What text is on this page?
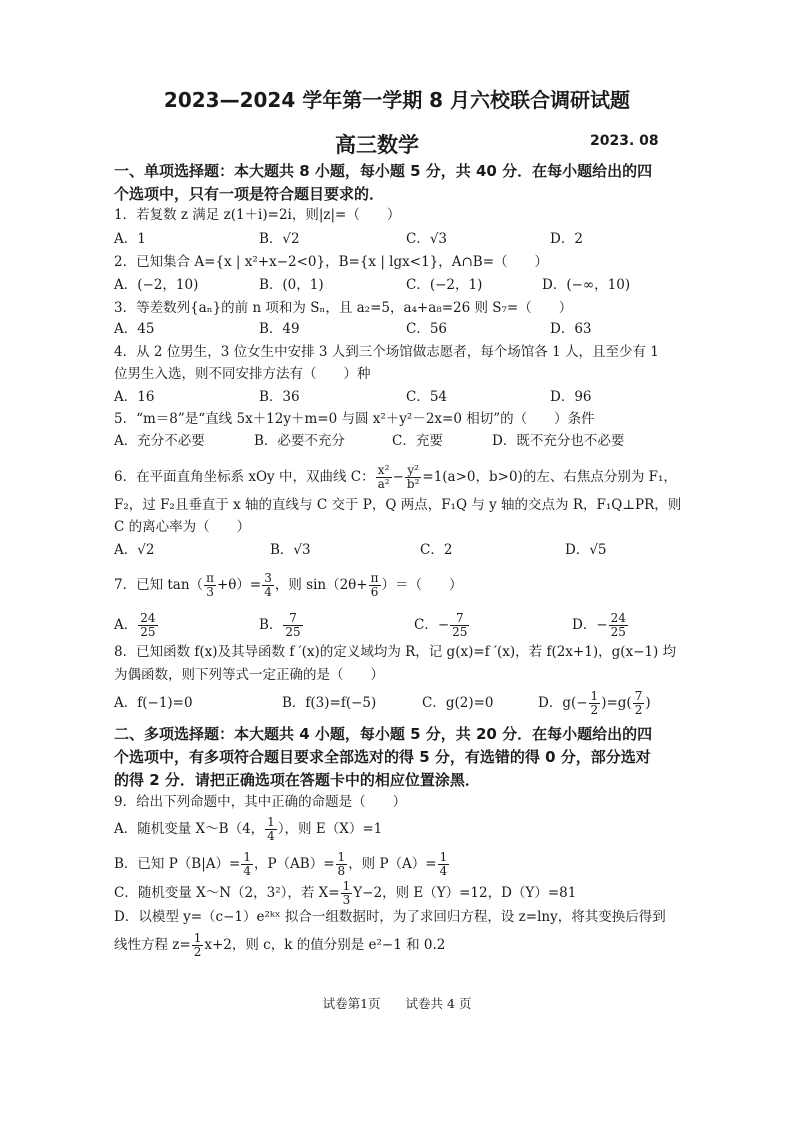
2023—2024 学年第一学期 8 月六校联合调研试题
高三数学	2023. 08
一、单项选择题：本大题共 8 小题，每小题 5 分，共 40 分．在每小题给出的四
个选项中，只有一项是符合题目要求的．
1．若复数 z 满足 z(1＋i)=2i，则|z|=（　　）
A．1	B．√2	C．√3	D．2
2．已知集合 A={x | x²+x−2<0}，B={x | lgx<1}，A∩B=（　　）
A．(−2，10)	B．(0，1)	C．(−2，1)	D．(−∞，10)
3．等差数列{aₙ}的前 n 项和为 Sₙ，且 a₂=5，a₄+a₈=26 则 S₇=（　　）
A．45	B．49	C．56	D．63
4．从 2 位男生，3 位女生中安排 3 人到三个场馆做志愿者，每个场馆各 1 人，且至少有 1
位男生入选，则不同安排方法有（　　）种
A．16	B．36	C．54	D．96
5．“m＝8”是“直线 5x＋12y＋m=0 与圆 x²＋y²－2x=0 相切”的（　　）条件
A．充分不必要	B．必要不充分	C．充要	D．既不充分也不必要
6．在平面直角坐标系 xOy 中，双曲线 C： $\frac{\text{x²}}{\text{a²}} - \frac{\text{y²}}{\text{b²}} =1(a>0$，b>0)的左、右焦点分别为 F₁，
F₂，过 F₂且垂直于 x 轴的直线与 C 交于 P，Q 两点，F₁Q 与 y 轴的交点为 R，F₁Q⊥PR，则
C 的离心率为（　　）
A．√2	B．√3	C．2	D．√5
7．已知 $\tan( \frac{\pi}{3} +\theta)= \frac{3}{4}$ ，则 $\sin(2\theta+ \frac{\pi}{6}$ ）＝（　　）
A． $\frac{24}{25}$	B． $\frac{7}{25}$	C．− $\frac{7}{25}$	D．− $\frac{24}{25}$
8．已知函数 f(x)及其导函数 f ′(x)的定义域均为 R，记 g(x)=f ′(x)，若 f(2x+1)，g(x−1) 均
为偶函数，则下列等式一定正确的是（　　）
A．f(−1)=0	B．f(3)=f(−5)	C．g(2)=0	D．$g(- \frac{1}{2} )=g( \frac{7}{2}$ )
二、多项选择题：本大题共 4 小题，每小题 5 分，共 20 分．在每小题给出的四
个选项中，有多项符合题目要求全部选对的得 5 分，有选错的得 0 分，部分选对
的得 2 分．请把正确选项在答题卡中的相应位置涂黑．
9．给出下列命题中，其中正确的命题是（　　）
A．随机变量 X～B（4， $\frac{1}{4}$ ），则 E（X）=1
B．已知 $P(B|A)= \frac{1}{4}$ ，$P(AB)= \frac{1}{8}$ ，则 $P(A)= \frac{1}{4}$
C．随机变量 X～N（2，3²），若 $X= \frac{1}{3} Y-2$，则 E（Y）=12，D（Y）=81
D．以模型 y=（c−1）e²ᵏˣ 拟合一组数据时，为了求回归方程，设 z=lny，将其变换后得到
线性方程 $z= \frac{1}{2} x+2$，则 c，k 的值分别是 e²−1 和 0.2
试卷第1页　　试卷共 4 页
